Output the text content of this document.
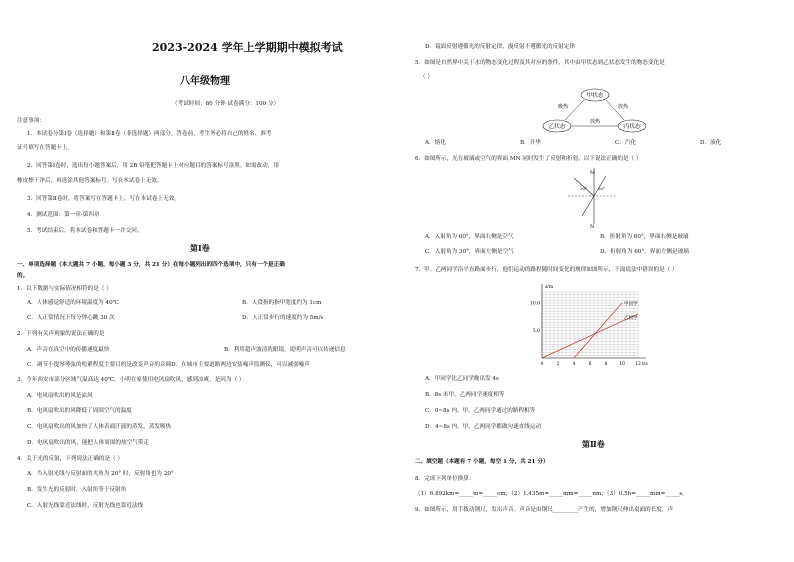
2023-2024 学年上学期期中模拟考试
八年级物理
（考试时间：80 分钟 试卷满分：100 分）
注意事项：
1．本试卷分第Ⅰ卷（选择题）和第Ⅱ卷（非选择题）两部分。答卷前，考生务必将自己的姓名、准考
证号填写在答题卡上。
2．回答第Ⅰ卷时，选出每小题答案后，用 2B 铅笔把答题卡上对应题目的答案标号涂黑。如需改动，用
橡皮擦干净后，再选涂其他答案标号。写在本试卷上无效。
3．回答第Ⅱ卷时，将答案写在答题卡上。写在本试卷上无效。
4．测试范围：第一章-第四章
5．考试结束后，将本试卷和答题卡一并交回。
第Ⅰ卷
一、单项选择题（本大题共 7 小题，每小题 3 分，共 21 分）在每小题列出的四个选项中，只有一个是正确
的。
1．以下数据与实际情况相符的是（ ）
A．人体感觉舒适的环境温度为 40℃	B．人食指的指甲宽度约为 1cm
C．人正常情况下每分钟心跳 30 次	D．人正常步行的速度约为 5m/s
2．下列有关声现象的说法正确的是
A．声音在真空中的传播速度最快	B．利用超声波清洗眼镜，说明声音可以传递信息
C．调节小提琴琴弦的松紧程度主要目的是改变声音的音调D．在城市主要道路两边安装噪声监测仪，可以减弱噪声
3．今年西安市部分区域气温高达 40℃，小明在家使用电风扇吹风，感到凉爽，是因为（ ）
A．电风扇吹出的风是凉风
B．电风扇吹出的风降低了周围空气的温度
C．电风扇吹出的风加快了人体表面汗液的蒸发，蒸发吸热
D．电风扇吹出的风，能把人体周围的热空气带走
4．关于光的反射，下列说法正确的是（ ）
A．当入射光线与反射面的夹角为 20° 时，反射角也为 20°
B．发生光的反射时，入射角等于反射角
C．入射光线靠近法线时，反射光线也靠近法线
D．镜面反射遵循光的反射定律，漫反射不遵循光的反射定律
5．如图是自然界中关于水的物态变化过程及其对应的条件，其中由甲状态到乙状态发生的物态变化是
（ ）
甲状态
乙状态	丙状态
吸热	放热
放热
A．熔化	B．升华	C．汽化	D．液化
6．如图所示，光在玻璃或空气的界面 MN 同时发生了反射和折射，以下说法正确的是（ ）
M
N
30°	30°
A．入射角为 60°，界面右侧是空气	B．折射角为 60°，界面右侧是玻璃
C．入射角为 30°，界面左侧是空气	D．折射角为 60°，界面左侧是玻璃
7．甲、乙两同学沿平直路面步行，他们运动的路程随时间变化的规律如图所示，下面说法中错误的是（ ）
0	2	4	6	8	10 12
5.0
10.0
s/m
t/s
甲同学
乙同学
A．甲同学比乙同学晚出发 4s
B．8s 末甲、乙两同学速度相等
C．0~8s 内，甲、乙两同学通过的路程相等
D．4~8s 内，甲、乙两同学都做匀速直线运动
第Ⅱ卷
二、填空题（本题有 7 小题，每空 1 分，共 21 分）
8．完成下列单位换算：
（1）6.892km=_____m=_____cm；（2）1.435m=_____mm=_____nm；（3）0.5h=_____min=_____s。
9．如图所示，用手拨动钢尺，发出声音。声音是由钢尺_________产生的，增加钢尺伸出桌面的长度，声
